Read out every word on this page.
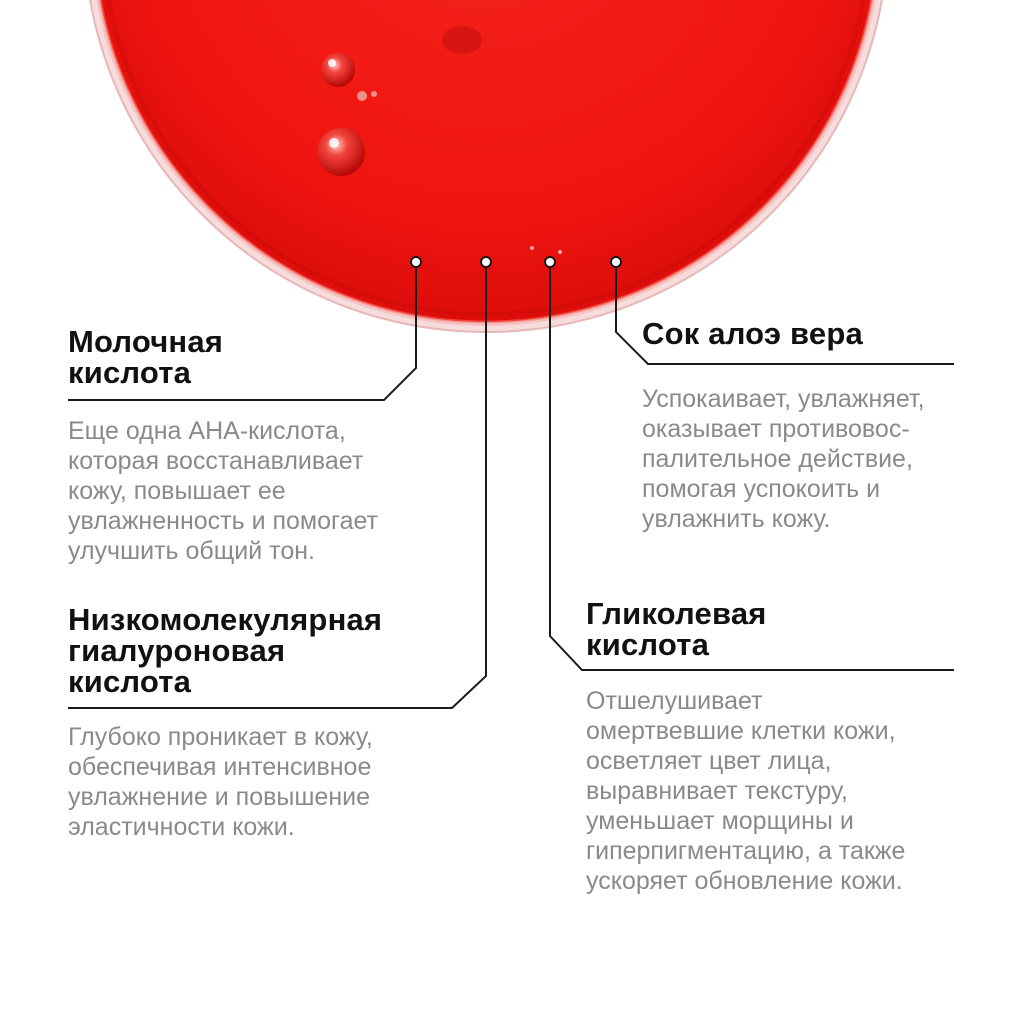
Молочная
кислота
Еще одна АНА-кислота,
которая восстанавливает
кожу, повышает ее
увлажненность и помогает
улучшить общий тон.
Низкомолекулярная
гиалуроновая
кислота
Глубоко проникает в кожу,
обеспечивая интенсивное
увлажнение и повышение
эластичности кожи.
Гликолевая
кислота
Отшелушивает
омертвевшие клетки кожи,
осветляет цвет лица,
выравнивает текстуру,
уменьшает морщины и
гиперпигментацию, а также
ускоряет обновление кожи.
Сок алоэ вера
Успокаивает, увлажняет,
оказывает противовос-
палительное действие,
помогая успокоить и
увлажнить кожу.
